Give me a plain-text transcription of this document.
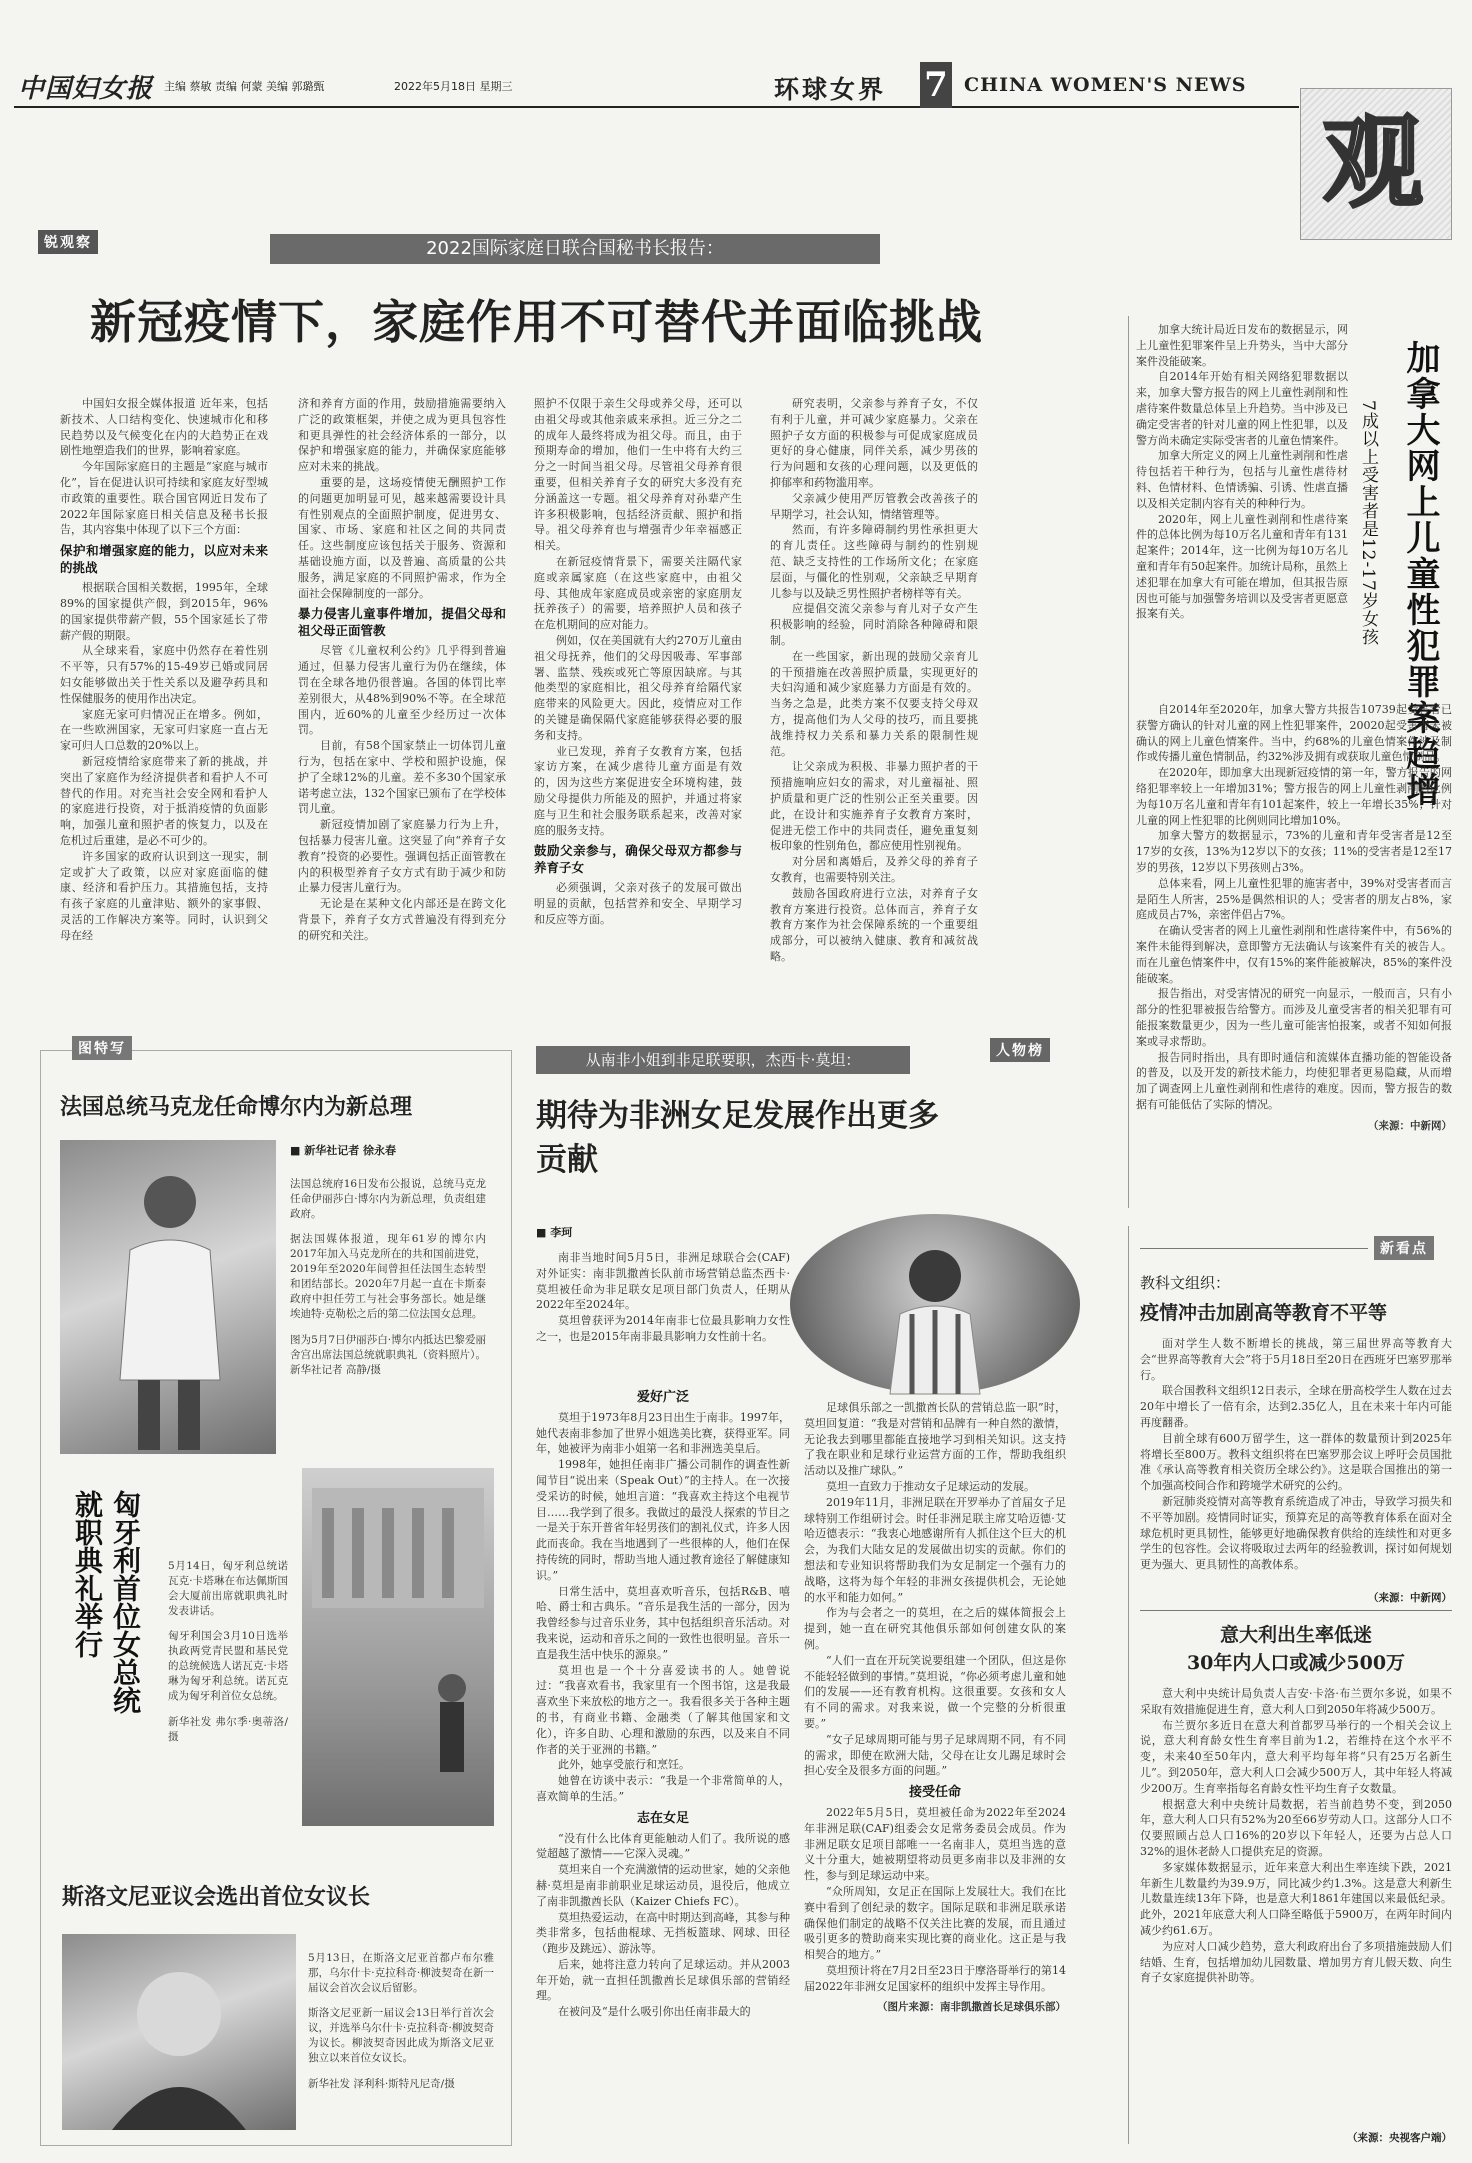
中国妇女报 主编 蔡敏 责编 何蒙 美编 郭璐甄	2022年5月18日 星期三	环球女界 7 CHINA WOMEN'S NEWS
观
锐观察	2022国际家庭日联合国秘书长报告：
新冠疫情下，家庭作用不可替代并面临挑战

中国妇女报全媒体报道 近年来，包括新技术、人口结构变化、快速城市化和移民趋势以及气候变化在内的大趋势正在戏剧性地塑造我们的世界，影响着家庭。

今年国际家庭日的主题是“家庭与城市化”，旨在促进认识可持续和家庭友好型城市政策的重要性。联合国官网近日发布了2022年国际家庭日相关信息及秘书长报告，其内容集中体现了以下三个方面：

保护和增强家庭的能力，以应对未来的挑战

根据联合国相关数据，1995年，全球89%的国家提供产假，到2015年，96%的国家提供带薪产假，55个国家延长了带薪产假的期限。

从全球来看，家庭中仍然存在着性别不平等，只有57%的15-49岁已婚或同居妇女能够做出关于性关系以及避孕药具和性保健服务的使用作出决定。

家庭无家可归情况正在增多。例如，在一些欧洲国家，无家可归家庭一直占无家可归人口总数的20%以上。

新冠疫情给家庭带来了新的挑战，并突出了家庭作为经济提供者和看护人不可替代的作用。对充当社会安全网和看护人的家庭进行投资，对于抵消疫情的负面影响，加强儿童和照护者的恢复力，以及在危机过后重建，是必不可少的。

许多国家的政府认识到这一现实，制定或扩大了政策，以应对家庭面临的健康、经济和看护压力。其措施包括，支持有孩子家庭的儿童津贴、额外的家事假、灵活的工作解决方案等。同时，认识到父母在经

济和养育方面的作用，鼓励措施需要纳入广泛的政策框架，并使之成为更具包容性和更具弹性的社会经济体系的一部分，以保护和增强家庭的能力，并确保家庭能够应对未来的挑战。

重要的是，这场疫情使无酬照护工作的问题更加明显可见，越来越需要设计具有性别观点的全面照护制度，促进男女、国家、市场、家庭和社区之间的共同责任。这些制度应该包括关于服务、资源和基础设施方面，以及普遍、高质量的公共服务，满足家庭的不同照护需求，作为全面社会保障制度的一部分。

暴力侵害儿童事件增加，提倡父母和祖父母正面管教

尽管《儿童权利公约》几乎得到普遍通过，但暴力侵害儿童行为仍在继续，体罚在全球各地仍很普遍。各国的体罚比率差别很大，从48%到90%不等。在全球范围内，近60%的儿童至少经历过一次体罚。

目前，有58个国家禁止一切体罚儿童行为，包括在家中、学校和照护设施，保护了全球12%的儿童。差不多30个国家承诺考虑立法，132个国家已颁布了在学校体罚儿童。

新冠疫情加剧了家庭暴力行为上升，包括暴力侵害儿童。这突显了向“养育子女教育”投资的必要性。强调包括正面管教在内的积极型养育子女方式有助于减少和防止暴力侵害儿童行为。

无论是在某种文化内部还是在跨文化背景下，养育子女方式普遍没有得到充分的研究和关注。

照护不仅限于亲生父母或养父母，还可以由祖父母或其他亲戚来承担。近三分之二的成年人最终将成为祖父母。而且，由于预期寿命的增加，他们一生中将有大约三分之一时间当祖父母。尽管祖父母养育很重要，但相关养育子女的研究大多没有充分涵盖这一专题。祖父母养育对孙辈产生许多积极影响，包括经济贡献、照护和指导。祖父母养育也与增强青少年幸福感正相关。

在新冠疫情背景下，需要关注隔代家庭或亲属家庭（在这些家庭中，由祖父母、其他成年家庭成员或亲密的家庭朋友抚养孩子）的需要，培养照护人员和孩子在危机期间的应对能力。

例如，仅在美国就有大约270万儿童由祖父母抚养，他们的父母因吸毒、军事部署、监禁、残疾或死亡等原因缺席。与其他类型的家庭相比，祖父母养育给隔代家庭带来的风险更大。因此，疫情应对工作的关键是确保隔代家庭能够获得必要的服务和支持。

业已发现，养育子女教育方案，包括家访方案，在减少虐待儿童方面是有效的，因为这些方案促进安全环境构建，鼓励父母提供力所能及的照护，并通过将家庭与卫生和社会服务联系起来，改善对家庭的服务支持。

鼓励父亲参与，确保父母双方都参与养育子女

必须强调，父亲对孩子的发展可做出明显的贡献，包括营养和安全、早期学习和反应等方面。

研究表明，父亲参与养育子女，不仅有利于儿童，并可减少家庭暴力。父亲在照护子女方面的积极参与可促成家庭成员更好的身心健康，同伴关系，减少男孩的行为问题和女孩的心理问题，以及更低的抑郁率和药物滥用率。

父亲减少使用严厉管教会改善孩子的早期学习，社会认知，情绪管理等。

然而，有许多障碍制约男性承担更大的育儿责任。这些障碍与制约的性别规范、缺乏支持性的工作场所文化；在家庭层面，与僵化的性别观，父亲缺乏早期育儿参与以及缺乏男性照护者榜样等有关。

应提倡交流父亲参与育儿对子女产生积极影响的经验，同时消除各种障碍和限制。

在一些国家，新出现的鼓励父亲育儿的干预措施在改善照护质量，实现更好的夫妇沟通和减少家庭暴力方面是有效的。当务之急是，此类方案不仅要支持父母双方，提高他们为人父母的技巧，而且要挑战维持权力关系和暴力关系的限制性规范。

让父亲成为积极、非暴力照护者的干预措施响应妇女的需求，对儿童福祉、照护质量和更广泛的性别公正至关重要。因此，在设计和实施养育子女教育方案时，促进无偿工作中的共同责任，避免重复刻板印象的性别角色，都应使用性别视角。

对分居和离婚后，及养父母的养育子女教育，也需要特别关注。

鼓励各国政府进行立法，对养育子女教育方案进行投资。总体而言，养育子女教育方案作为社会保障系统的一个重要组成部分，可以被纳入健康、教育和减贫战略。

加拿大网上儿童性犯罪案趋增
7成以上受害者是12-17岁女孩

加拿大统计局近日发布的数据显示，网上儿童性犯罪案件呈上升势头，当中大部分案件没能破案。

自2014年开始有相关网络犯罪数据以来，加拿大警方报告的网上儿童性剥削和性虐待案件数量总体呈上升趋势。当中涉及已确定受害者的针对儿童的网上性犯罪，以及警方尚未确定实际受害者的儿童色情案件。

加拿大所定义的网上儿童性剥削和性虐待包括若干种行为，包括与儿童性虐待材料、色情材料、色情诱骗、引诱、性虐直播以及相关定制内容有关的种种行为。

2020年，网上儿童性剥削和性虐待案件的总体比例为每10万名儿童和青年有131起案件；2014年，这一比例为每10万名儿童和青年有50起案件。加统计局称，虽然上述犯罪在加拿大有可能在增加，但其报告原因也可能与加强警务培训以及受害者更愿意报案有关。

自2014年至2020年，加拿大警方共报告10739起受害者已获警方确认的针对儿童的网上性犯罪案件，20020起受害者未被确认的网上儿童色情案件。当中，约68%的儿童色情案件涉及制作或传播儿童色情制品，约32%涉及拥有或获取儿童色情制品。

在2020年，即加拿大出现新冠疫情的第一年，警方报告的网络犯罪率较上一年增加31%；警方报告的网上儿童性剥削的比例为每10万名儿童和青年有101起案件，较上一年增长35%；针对儿童的网上性犯罪的比例则同比增加10%。

加拿大警方的数据显示，73%的儿童和青年受害者是12至17岁的女孩，13%为12岁以下的女孩；11%的受害者是12至17岁的男孩，12岁以下男孩则占3%。

总体来看，网上儿童性犯罪的施害者中，39%对受害者而言是陌生人所害，25%是偶然相识的人；受害者的朋友占8%，家庭成员占7%，亲密伴侣占7%。

在确认受害者的网上儿童性剥削和性虐待案件中，有56%的案件未能得到解决，意即警方无法确认与该案件有关的被告人。而在儿童色情案件中，仅有15%的案件能被解决，85%的案件没能破案。

报告指出，对受害情况的研究一向显示，一般而言，只有小部分的性犯罪被报告给警方。而涉及儿童受害者的相关犯罪有可能报案数量更少，因为一些儿童可能害怕报案，或者不知如何报案或寻求帮助。

报告同时指出，具有即时通信和流媒体直播功能的智能设备的普及，以及开发的新技术能力，均使犯罪者更易隐藏，从而增加了调查网上儿童性剥削和性虐待的难度。因而，警方报告的数据有可能低估了实际的情况。

（来源：中新网）
图特写
法国总统马克龙任命博尔内为新总理
■ 新华社记者 徐永春

法国总统府16日发布公报说，总统马克龙任命伊丽莎白·博尔内为新总理，负责组建政府。

据法国媒体报道，现年61岁的博尔内2017年加入马克龙所在的共和国前进党，2019年至2020年间曾担任法国生态转型和团结部长。2020年7月起一直在卡斯泰政府中担任劳工与社会事务部长。她是继埃迪特·克勒松之后的第二位法国女总理。

图为5月7日伊丽莎白·博尔内抵达巴黎爱丽舍宫出席法国总统就职典礼（资料照片）。 新华社记者 高静/摄

匈牙利首位女总统就职典礼举行	5月14日，匈牙利总统诺瓦克·卡塔琳在布达佩斯国会大厦前出席就职典礼时发表讲话。

匈牙利国会3月10日选举执政两党青民盟和基民党的总统候选人诺瓦克·卡塔琳为匈牙利总统。诺瓦克成为匈牙利首位女总统。

新华社发 弗尔季·奥蒂洛/摄

斯洛文尼亚议会选出首位女议长

5月13日，在斯洛文尼亚首都卢布尔雅那，乌尔什卡·克拉科奇·柳波契奇在新一届议会首次会议后留影。

斯洛文尼亚新一届议会13日举行首次会议，并选举乌尔什卡·克拉科奇·柳波契奇为议长。柳波契奇因此成为斯洛文尼亚独立以来首位女议长。

新华社发 泽利科·斯特凡尼奇/摄

从南非小姐到非足联要职，杰西卡·莫坦：	人物榜
期待为非洲女足发展作出更多贡献
■ 李珂

南非当地时间5月5日，非洲足球联合会(CAF)对外证实：南非凯撒酋长队前市场营销总监杰西卡·莫坦被任命为非足联女足项目部门负责人，任期从2022年至2024年。

莫坦曾获评为2014年南非七位最具影响力女性之一，也是2015年南非最具影响力女性前十名。

爱好广泛

莫坦于1973年8月23日出生于南非。1997年，她代表南非参加了世界小姐选美比赛，获得亚军。同年，她被评为南非小姐第一名和非洲选美皇后。

1998年，她担任南非广播公司制作的调查性新闻节目“说出来（Speak Out）”的主持人。在一次接受采访的时候，她坦言道：“我喜欢主持这个电视节目……我学到了很多。我做过的最没人探索的节目之一是关于东开普省年轻男孩们的割礼仪式，许多人因此而丧命。我在当地遇到了一些很棒的人，他们在保持传统的同时，帮助当地人通过教育途径了解健康知识。”

日常生活中，莫坦喜欢听音乐，包括R&B、嘻哈、爵士和古典乐。“音乐是我生活的一部分，因为我曾经参与过音乐业务，其中包括组织音乐活动。对我来说，运动和音乐之间的一致性也很明显。音乐一直是我生活中快乐的源泉。”

莫坦也是一个十分喜爱读书的人。她曾说过：“我喜欢看书，我家里有一个图书馆，这是我最喜欢坐下来放松的地方之一。我看很多关于各种主题的书，有商业书籍、金融类（了解其他国家和文化），许多自助、心理和激励的东西，以及来自不同作者的关于亚洲的书籍。”

此外，她享受旅行和烹饪。

她曾在访谈中表示：“我是一个非常简单的人，喜欢简单的生活。”

志在女足

“没有什么比体育更能触动人们了。我所说的感觉超越了激情——它深入灵魂。”

莫坦来自一个充满激情的运动世家，她的父亲他赫·莫坦是南非前职业足球运动员，退役后，他成立了南非凯撒酋长队（Kaizer Chiefs FC）。

莫坦热爱运动，在高中时期达到高峰，其参与种类非常多，包括曲棍球、无挡板篮球、网球、田径（跑步及跳远）、游泳等。

后来，她将注意力转向了足球运动。并从2003年开始，就一直担任凯撒酋长足球俱乐部的营销经理。

在被问及“是什么吸引你出任南非最大的

足球俱乐部之一凯撒酋长队的营销总监一职”时，莫坦回复道：“我是对营销和品牌有一种自然的激情，无论我去到哪里都能直接地学习到相关知识。这支持了我在职业和足球行业运营方面的工作，帮助我组织活动以及推广球队。”

莫坦一直致力于推动女子足球运动的发展。

2019年11月，非洲足联在开罗举办了首届女子足球特别工作组研讨会。时任非洲足联主席艾哈迈德·艾哈迈德表示：“我衷心地感谢所有人抓住这个巨大的机会，为我们大陆女足的发展做出切实的贡献。你们的想法和专业知识将帮助我们为女足制定一个强有力的战略，这将为每个年轻的非洲女孩提供机会，无论她的水平和能力如何。”

作为与会者之一的莫坦，在之后的媒体简报会上提到，她一直在研究其他俱乐部如何创建女队的案例。

“人们一直在开玩笑说要组建一个团队，但这是你不能轻轻做到的事情。”莫坦说，“你必须考虑儿童和她们的发展——还有教育机构。这很重要。女孩和女人有不同的需求。对我来说，做一个完整的分析很重要。”

“女子足球周期可能与男子足球周期不同，有不同的需求，即使在欧洲大陆，父母在让女儿踢足球时会担心安全及很多方面的问题。”

接受任命

2022年5月5日，莫坦被任命为2022年至2024年非洲足联(CAF)组委会女足常务委员会成员。作为非洲足联女足项目部唯一一名南非人，莫坦当选的意义十分重大，她被期望将动员更多南非以及非洲的女性，参与到足球运动中来。

“众所周知，女足正在国际上发展壮大。我们在比赛中看到了创纪录的数字。国际足联和非洲足联承诺确保他们制定的战略不仅关注比赛的发展，而且通过吸引更多的赞助商来实现比赛的商业化。这正是与我相契合的地方。”

莫坦预计将在7月2日至23日于摩洛哥举行的第14届2022年非洲女足国家杯的组织中发挥主导作用。

（图片来源：南非凯撒酋长足球俱乐部）
新看点
教科文组织：
疫情冲击加剧高等教育不平等

面对学生人数不断增长的挑战，第三届世界高等教育大会“世界高等教育大会”将于5月18日至20日在西班牙巴塞罗那举行。

联合国教科文组织12日表示，全球在册高校学生人数在过去20年中增长了一倍有余，达到2.35亿人，且在未来十年内可能再度翻番。

目前全球有600万留学生，这一群体的数量预计到2025年将增长至800万。教科文组织将在巴塞罗那会议上呼吁会员国批准《承认高等教育相关资历全球公约》。这是联合国推出的第一个加强高校间合作和跨境学术研究的公约。

新冠肺炎疫情对高等教育系统造成了冲击，导致学习损失和不平等加剧。疫情同时证实，预算充足的高等教育体系在面对全球危机时更具韧性，能够更好地确保教育供给的连续性和对更多学生的包容性。会议将吸取过去两年的经验教训，探讨如何规划更为强大、更具韧性的高教体系。

（来源：中新网）
意大利出生率低迷
30年内人口或减少500万

意大利中央统计局负责人吉安·卡洛·布兰贾尔多说，如果不采取有效措施促进生育，意大利人口到2050年将减少500万。

布兰贾尔多近日在意大利首都罗马举行的一个相关会议上说，意大利育龄女性生育率目前为1.2，若维持在这个水平不变，未来40至50年内，意大利平均每年将“只有25万名新生儿”。到2050年，意大利人口会减少500万人，其中年轻人将减少200万。生育率指每名育龄女性平均生育子女数量。

根据意大利中央统计局数据，若当前趋势不变，到2050年，意大利人口只有52%为20至66岁劳动人口。这部分人口不仅要照顾占总人口16%的20岁以下年轻人，还要为占总人口32%的退休老龄人口提供充足的资源。

多家媒体数据显示，近年来意大利出生率连续下跌，2021年新生儿数量约为39.9万，同比减少约1.3%。这是意大利新生儿数量连续13年下降，也是意大利1861年建国以来最低纪录。此外，2021年底意大利人口降至略低于5900万，在两年时间内减少约61.6万。

为应对人口减少趋势，意大利政府出台了多项措施鼓励人们结婚、生育，包括增加幼儿园数量、增加男方育儿假天数、向生育子女家庭提供补助等。

（来源：央视客户端）
